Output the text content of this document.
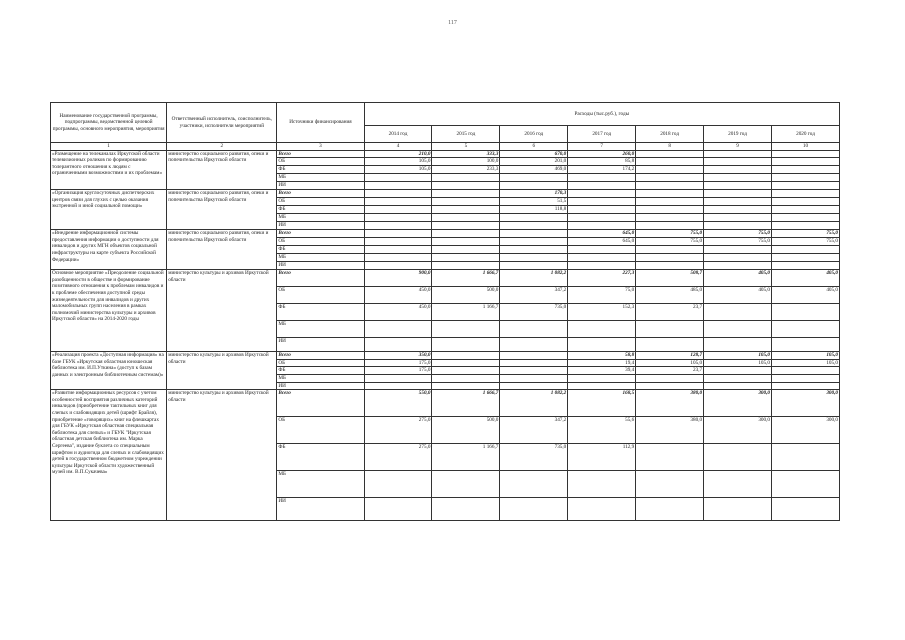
117
Наименование государственной программы, подпрограммы, ведомственной целевой программы, основного мероприятия, мероприятия	Ответственный исполнитель, соисполнитель, участники, исполнители мероприятий	Источники финансирования	Расходы (тыс.руб.), годы						
			2014 год	2015 год	2016 год	2017 год	2018 год	2019 год	2020 год
1	2	3	4	5	6	7	8	9	10
«Размещение на телеканалах Иркутской области телевизионных роликов по формированию толерантного отношения к людям с ограниченными возможностями и их проблемам»	министерство социального развития, опеки и попечительства Иркутской области	Всего	210,0	333,3	670,0	260,0			
		ОБ	105,0	100,0	201,0	85,8			
		ФБ	105,0	233,3	469,0	174,2			
		МБ							
		ИИ							
«Организация круглосуточных диспетчерских центров связи для глухих с целью оказания экстренной и иной социальной помощи»	министерство социального развития, опеки и попечительства Иркутской области	Всего			170,3				
		ОБ			51,5				
		ФБ			118,8				
		МБ							
		ИИ							
«Внедрение информационной системы предоставления информации о доступности для инвалидов и других МГН объектов социальной инфраструктуры на карте субъекта Российской Федерации»	министерство социального развития, опеки и попечительства Иркутской области	Всего				645,0	755,0	755,0	755,0
		ОБ				645,0	755,0	755,0	755,0
		ФБ							
		МБ							
		ИИ							
Основное мероприятие «Преодоление социальной разобщенности в обществе и формирование позитивного отношения к проблемам инвалидов и к проблеме обеспечения доступной среды жизнедеятельности для инвалидов и других маломобильных групп населения в рамках полномочий министерства культуры и архивов Иркутской области» на 2014-2020 годы	министерство культуры и архивов Иркутской области	Всего	900,0	1 666,7	1 082,2	227,3	508,7	405,0	405,0
		ОБ	450,0	500,0	347,2	75,0	485,0	405,0	405,0
		ФБ	450,0	1 166,7	735,0	152,3	23,7		
		МБ							
		ИИ							
«Реализация проекта «Доступная информация» на базе ГБУК «Иркутская областная юношеская библиотека им. И.П.Уткина» (доступ к базам данных и электронным библиотечным системам)»	министерство культуры и архивов Иркутской области	Всего	350,0			58,8	128,7	105,0	105,0
		ОБ	175,0			19,4	105,0	105,0	105,0
		ФБ	175,0			39,4	23,7		
		МБ							
		ИИ							
«Развитие информационных ресурсов с учетом особенностей восприятия различных категорий инвалидов (приобретение тактильных книг для слепых и слабовидящих детей (шрифт Брайля), приобретение «говорящих» книг на флешкартах для ГБУК «Иркутская областная специальная библиотека для слепых» и ГБУК "Иркутская областная детская библиотека им. Марка Сергеева", издание буклета со специальным шрифтом и аудиогида для слепых и слабовидящих детей в государственном бюджетном учреждении культуры Иркутской области художественный музей им. В.П.Сукачева»	министерство культуры и архивов Иркутской области	Всего	550,0	1 666,7	1 082,2	168,5	380,0	300,0	300,0
		ОБ	275,0	500,0	347,2	55,6	380,0	300,0	300,0
		ФБ	275,0	1 166,7	735,0	112,9			
		МБ							
		ИИ							
